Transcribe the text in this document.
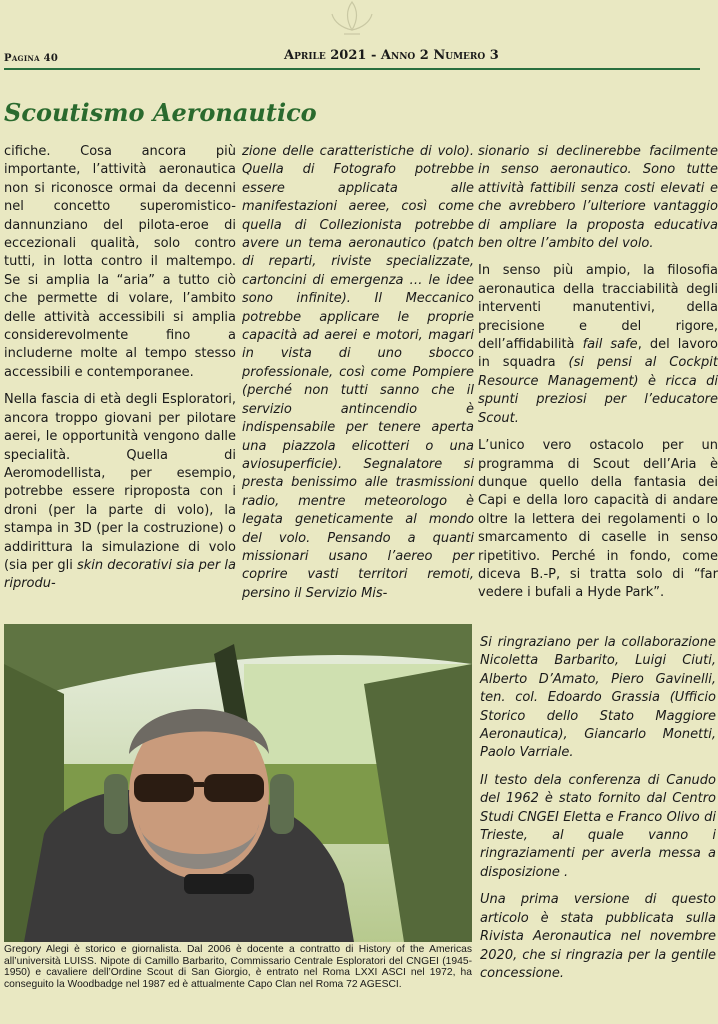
Pagina 40	Aprile 2021 - Anno 2 Numero 3
Scoutismo Aeronautico

cifiche. Cosa ancora più importante, l’attività aeronautica non si riconosce ormai da decenni nel concetto superomistico-dannunziano del pilota-eroe di eccezionali qualità, solo contro tutti, in lotta contro il maltempo. Se si amplia la “aria” a tutto ciò che permette di volare, l’ambito delle attività accessibili si amplia considerevolmente fino a includerne molte al tempo stesso accessibili e contemporanee.

Nella fascia di età degli Esploratori, ancora troppo giovani per pilotare aerei, le opportunità vengono dalle specialità. Quella di Aeromodellista, per esempio, potrebbe essere riproposta con i droni (per la parte di volo), la stampa in 3D (per la costruzione) o addirittura la simulazione di volo (sia per gli skin decorativi sia per la riprodu-

zione delle caratteristiche di volo). Quella di Fotografo potrebbe essere applicata alle manifestazioni aeree, così come quella di Collezionista potrebbe avere un tema aeronautico (patch di reparti, riviste specializzate, cartoncini di emergenza … le idee sono infinite). Il Meccanico potrebbe applicare le proprie capacità ad aerei e motori, magari in vista di uno sbocco professionale, così come Pompiere (perché non tutti sanno che il servizio antincendio è indispensabile per tenere aperta una piazzola elicotteri o una aviosuperficie). Segnalatore si presta benissimo alle trasmissioni radio, mentre meteorologo è legata geneticamente al mondo del volo. Pensando a quanti missionari usano l’aereo per coprire vasti territori remoti, persino il Servizio Mis-

sionario si declinerebbe facilmente in senso aeronautico. Sono tutte attività fattibili senza costi elevati e che avrebbero l’ulteriore vantaggio di ampliare la proposta educativa ben oltre l’ambito del volo.

In senso più ampio, la filosofia aeronautica della tracciabilità degli interventi manutentivi, della precisione e del rigore, dell’affidabilità fail safe, del lavoro in squadra (si pensi al Cockpit Resource Management) è ricca di spunti preziosi per l’educatore Scout.

L’unico vero ostacolo per un programma di Scout dell’Aria è dunque quello della fantasia dei Capi e della loro capacità di andare oltre la lettera dei regolamenti o lo smarcamento di caselle in senso ripetitivo. Perché in fondo, come diceva B.-P, si tratta solo di “far vedere i bufali a Hyde Park”.

Si ringraziano per la collaborazione Nicoletta Barbarito, Luigi Ciuti, Alberto D’Amato, Piero Gavinelli, ten. col. Edoardo Grassia (Ufficio Storico dello Stato Maggiore Aeronautica), Giancarlo Monetti, Paolo Varriale.

Il testo dela conferenza di Canudo del 1962 è stato fornito dal Centro Studi CNGEI Eletta e Franco Olivo di Trieste, al quale vanno i ringraziamenti per averla messa a disposizione .

Una prima versione di questo articolo è stata pubblicata sulla Rivista Aeronautica nel novembre 2020, che si ringrazia per la gentile concessione.

Gregory Alegi è storico e giornalista. Dal 2006 è docente a contratto di History of the Americas all’università LUISS. Nipote di Camillo Barbarito, Commissario Centrale Esploratori del CNGEI (1945-1950) e cavaliere dell’Ordine Scout di San Giorgio, è entrato nel Roma LXXI ASCI nel 1972, ha conseguito la Woodbadge nel 1987 ed è attualmente Capo Clan nel Roma 72 AGESCI.
